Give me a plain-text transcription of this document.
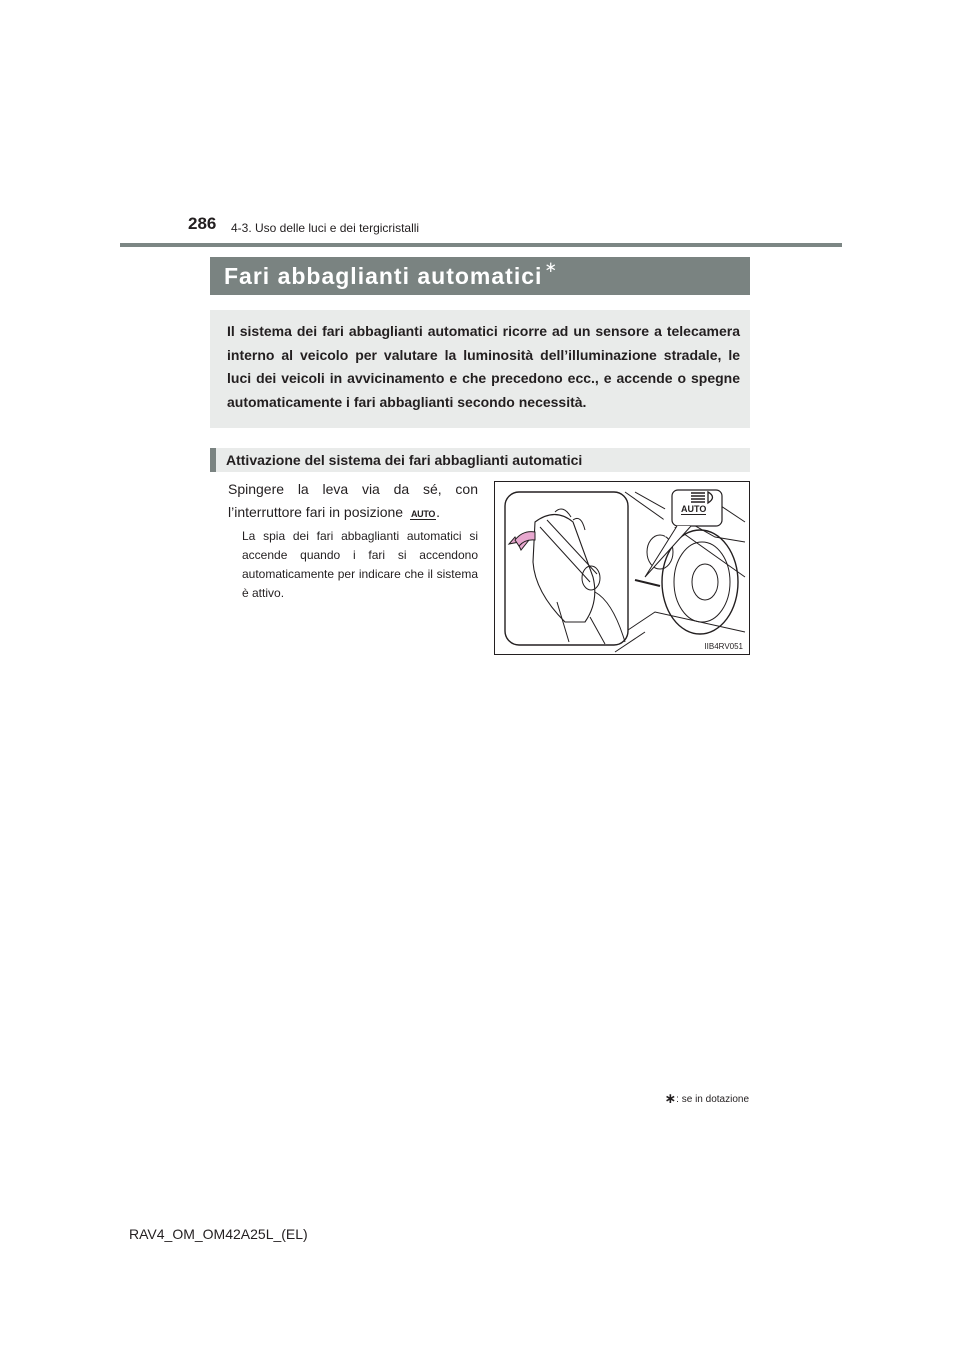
286 4-3. Uso delle luci e dei tergicristalli
Fari abbaglianti automatici ∗
Il sistema dei fari abbaglianti automatici ricorre ad un sensore a telecamera interno al veicolo per valutare la luminosità dell’illuminazione stradale, le luci dei veicoli in avvicinamento e che precedono ecc., e accende o spegne automaticamente i fari abbaglianti secondo necessità.
Attivazione del sistema dei fari abbaglianti automatici
Spingere la leva via da sé, con l’interruttore fari in posizione AUTO.
La spia dei fari abbaglianti automatici si accende quando i fari si accendono automaticamente per indicare che il sistema è attivo.
AUTO
IIB4RV051
∗: se in dotazione
RAV4_OM_OM42A25L_(EL)
